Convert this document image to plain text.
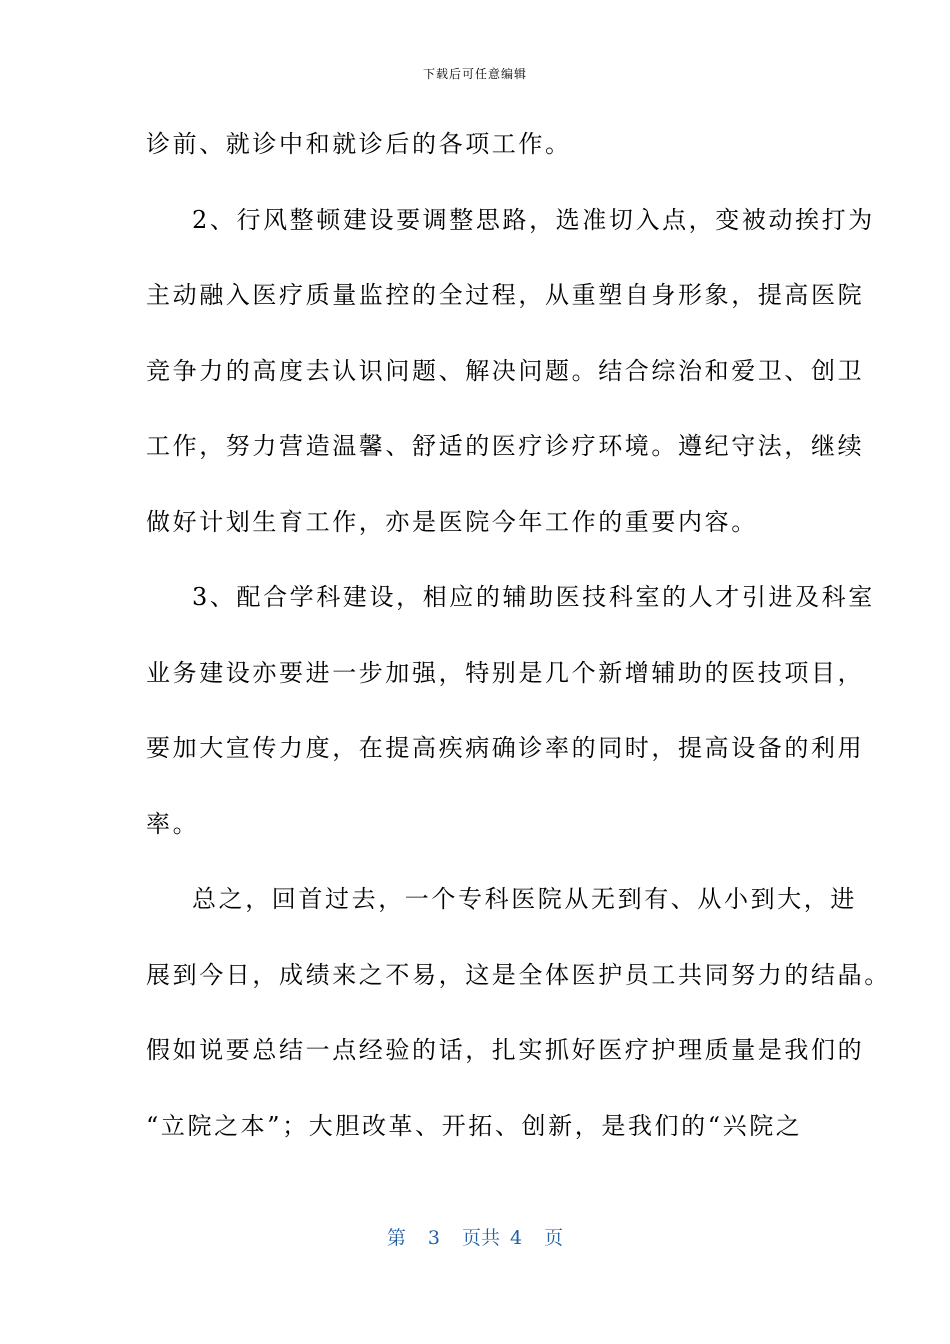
下载后可任意编辑
诊前、就诊中和就诊后的各项工作。
2、行风整顿建设要调整思路，选准切入点，变被动挨打为
主动融入医疗质量监控的全过程，从重塑自身形象，提高医院
竞争力的高度去认识问题、解决问题。结合综治和爱卫、创卫
工作，努力营造温馨、舒适的医疗诊疗环境。遵纪守法，继续
做好计划生育工作，亦是医院今年工作的重要内容。
3、配合学科建设，相应的辅助医技科室的人才引进及科室
业务建设亦要进一步加强，特别是几个新增辅助的医技项目，
要加大宣传力度，在提高疾病确诊率的同时，提高设备的利用
率。
总之，回首过去，一个专科医院从无到有、从小到大，进
展到今日，成绩来之不易，这是全体医护员工共同努力的结晶。
假如说要总结一点经验的话，扎实抓好医疗护理质量是我们的
“立院之本”；大胆改革、开拓、创新，是我们的“兴院之
第 3 页共 4 页
